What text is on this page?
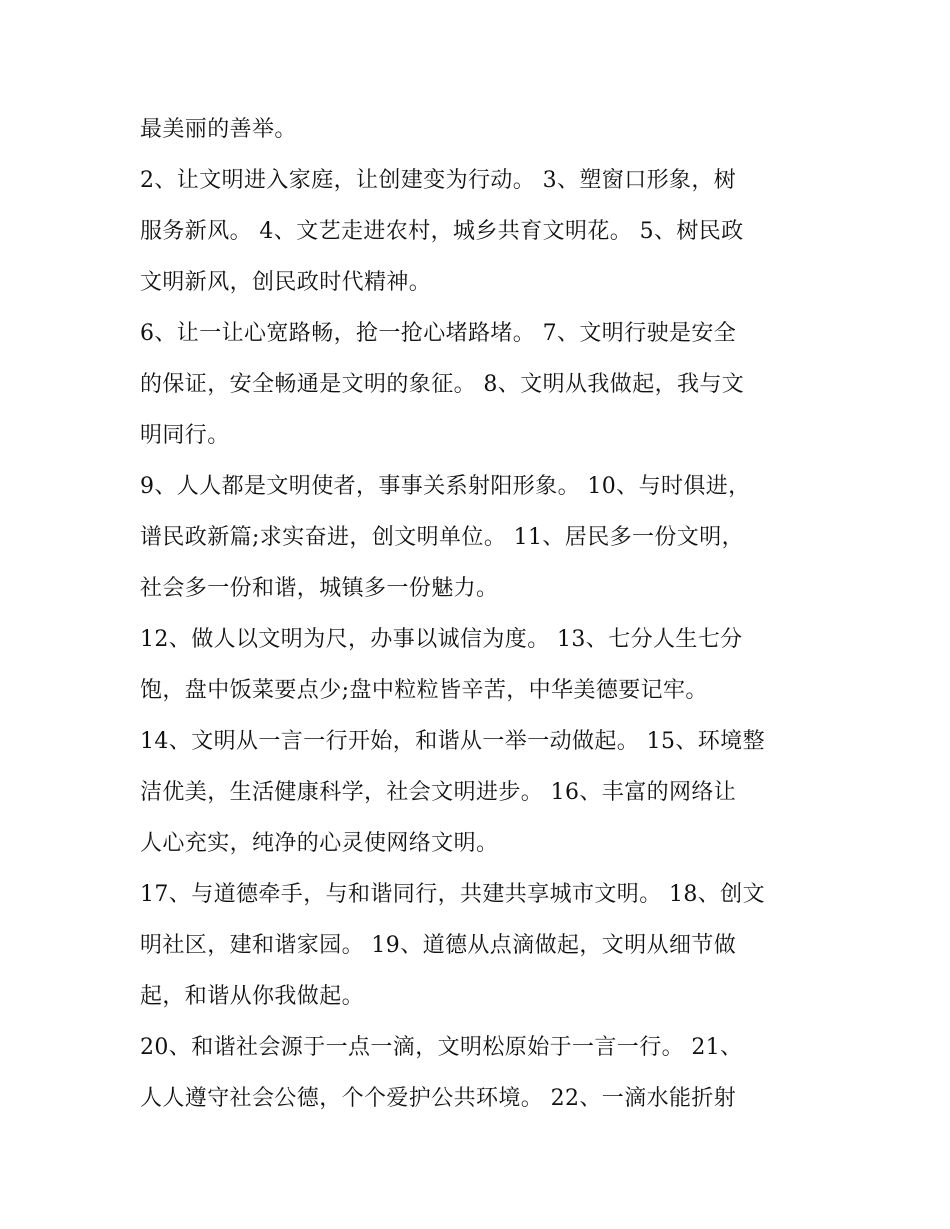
最美丽的善举。
2、让文明进入家庭，让创建变为行动。 3、塑窗口形象，树
服务新风。 4、文艺走进农村，城乡共育文明花。 5、树民政
文明新风，创民政时代精神。
6、让一让心宽路畅，抢一抢心堵路堵。 7、文明行驶是安全
的保证，安全畅通是文明的象征。 8、文明从我做起，我与文
明同行。
9、人人都是文明使者，事事关系射阳形象。 10、与时俱进，
谱民政新篇;求实奋进，创文明单位。 11、居民多一份文明，
社会多一份和谐，城镇多一份魅力。
12、做人以文明为尺，办事以诚信为度。 13、七分人生七分
饱，盘中饭菜要点少;盘中粒粒皆辛苦，中华美德要记牢。
14、文明从一言一行开始，和谐从一举一动做起。 15、环境整
洁优美，生活健康科学，社会文明进步。 16、丰富的网络让
人心充实，纯净的心灵使网络文明。
17、与道德牵手，与和谐同行，共建共享城市文明。 18、创文
明社区，建和谐家园。 19、道德从点滴做起，文明从细节做
起，和谐从你我做起。
20、和谐社会源于一点一滴，文明松原始于一言一行。 21、
人人遵守社会公德，个个爱护公共环境。 22、一滴水能折射
